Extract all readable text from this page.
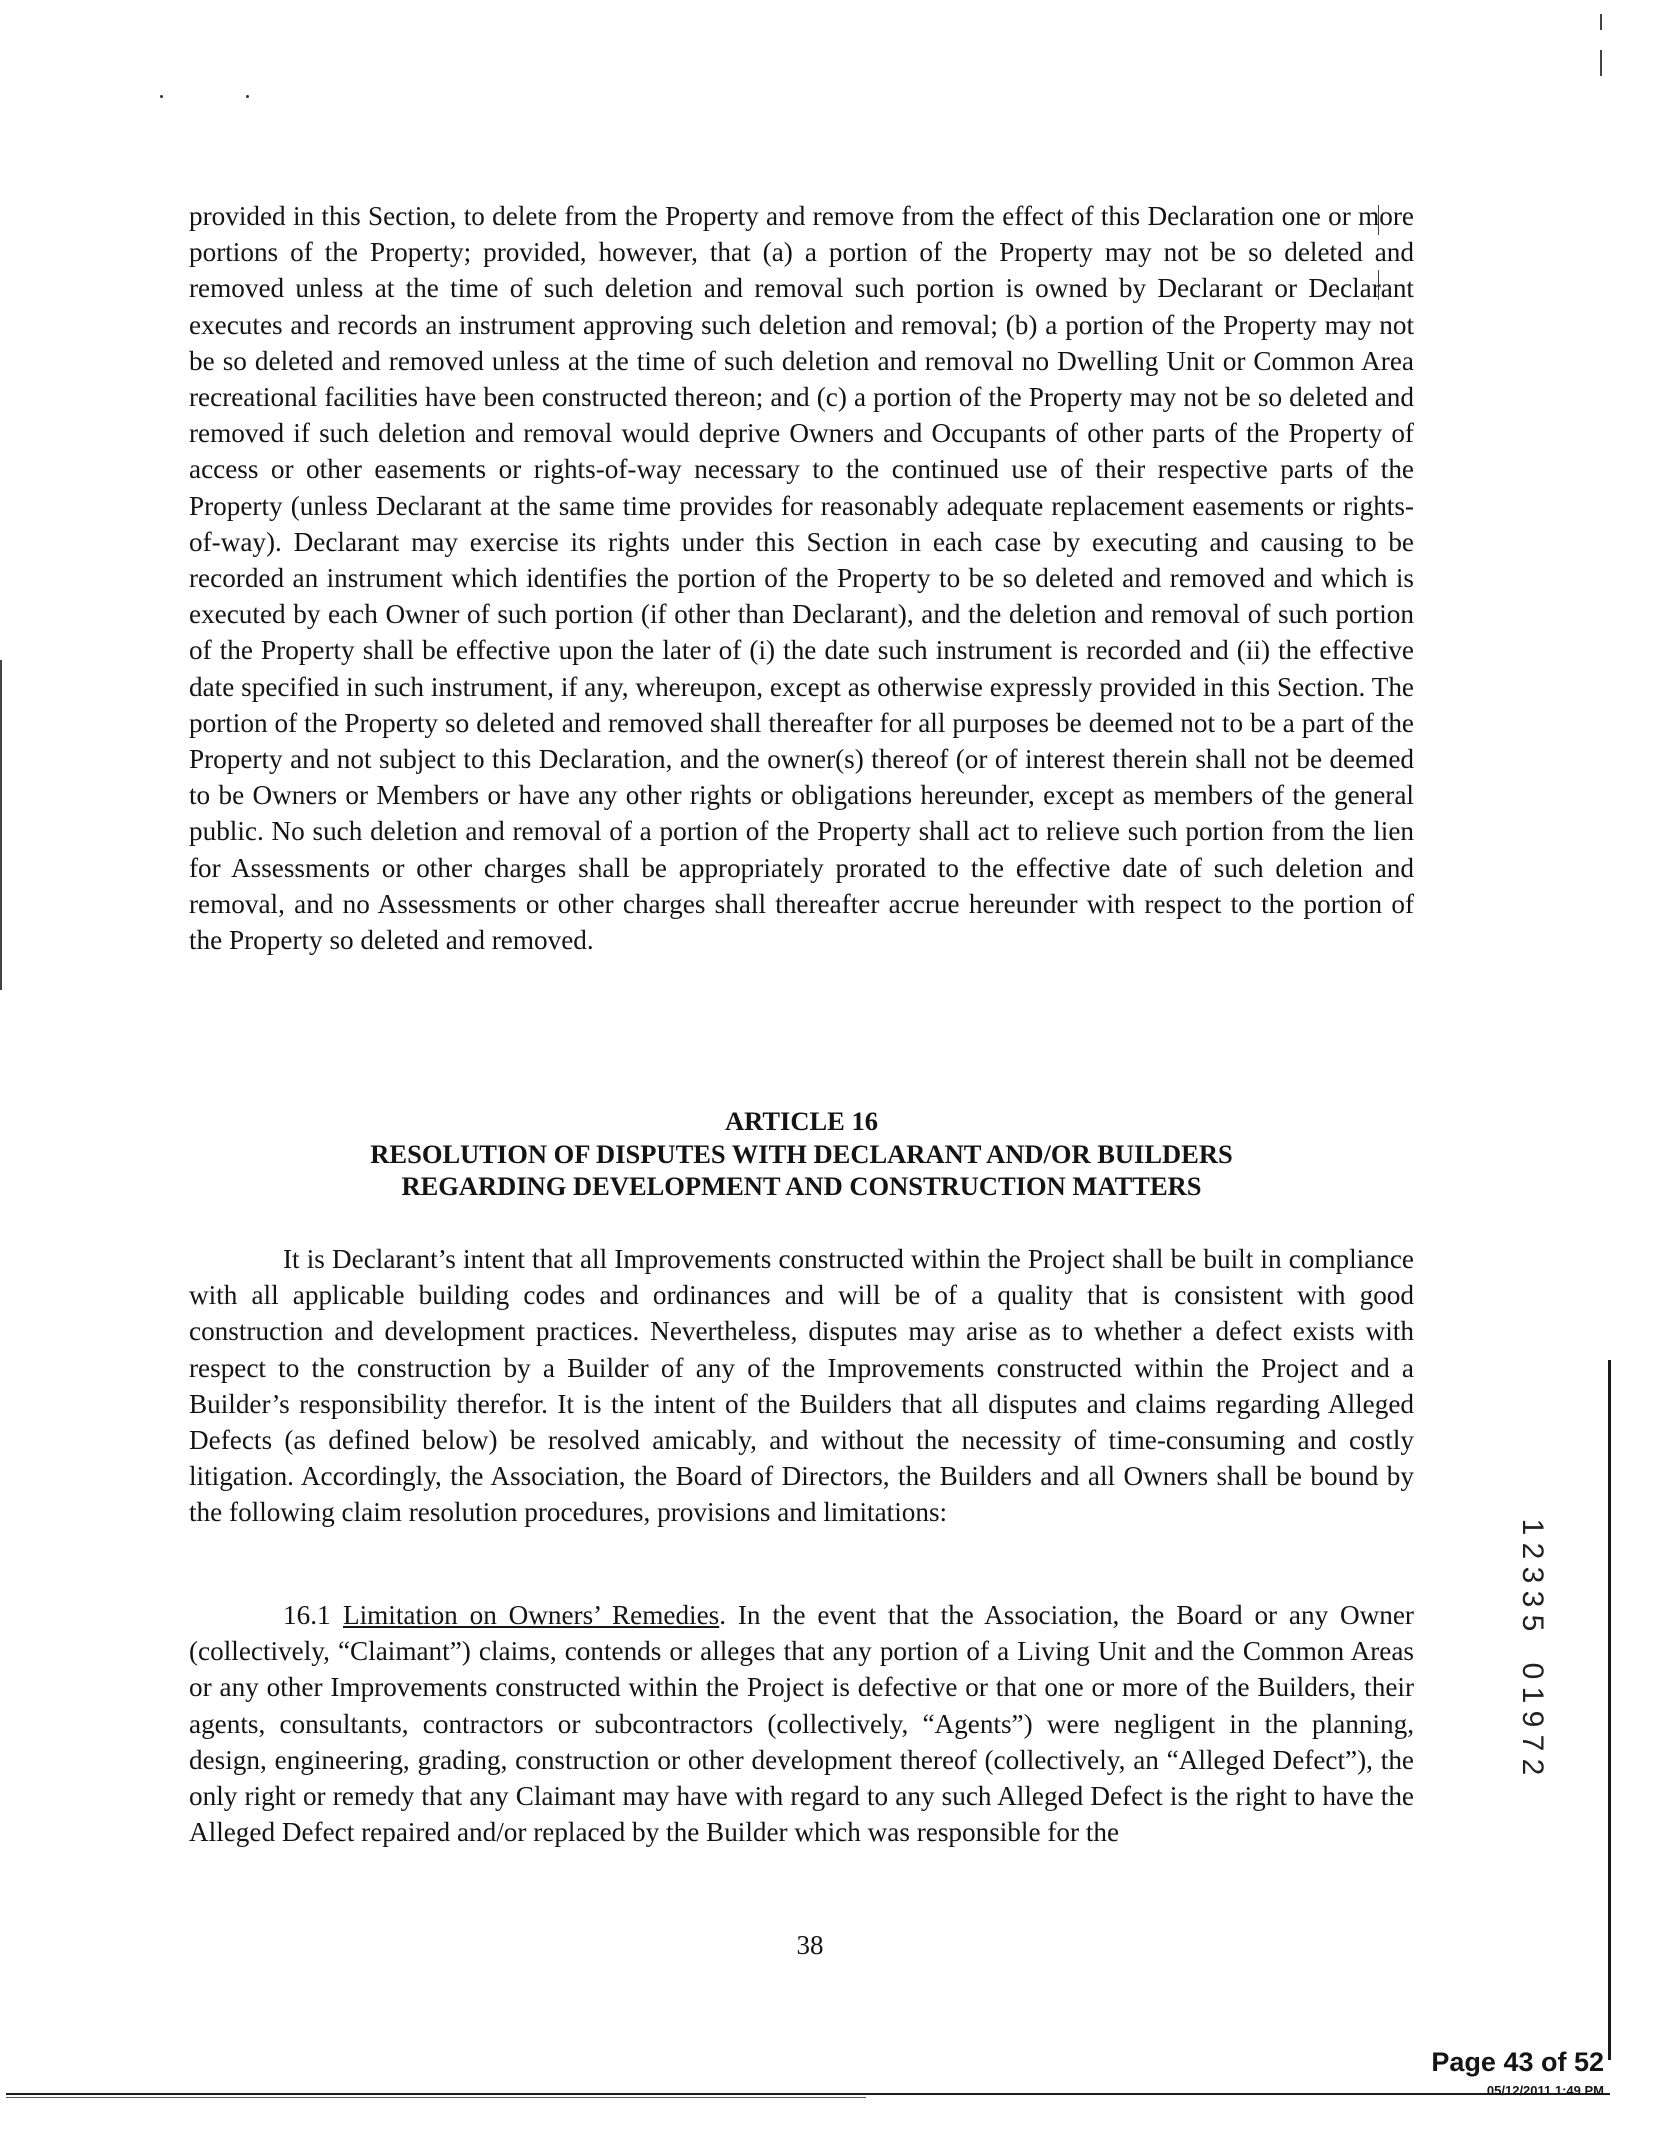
provided in this Section, to delete from the Property and remove from the effect of this Declaration one or more portions of the Property; provided, however, that (a) a portion of the Property may not be so deleted and removed unless at the time of such deletion and removal such portion is owned by Declarant or Declarant executes and records an instrument approving such deletion and removal; (b) a portion of the Property may not be so deleted and removed unless at the time of such deletion and removal no Dwelling Unit or Common Area recreational facilities have been constructed thereon; and (c) a portion of the Property may not be so deleted and removed if such deletion and removal would deprive Owners and Occupants of other parts of the Property of access or other easements or rights-of-way necessary to the continued use of their respective parts of the Property (unless Declarant at the same time provides for reasonably adequate replacement easements or rights-of-way). Declarant may exercise its rights under this Section in each case by executing and causing to be recorded an instrument which identifies the portion of the Property to be so deleted and removed and which is executed by each Owner of such portion (if other than Declarant), and the deletion and removal of such portion of the Property shall be effective upon the later of (i) the date such instrument is recorded and (ii) the effective date specified in such instrument, if any, whereupon, except as otherwise expressly provided in this Section. The portion of the Property so deleted and removed shall thereafter for all purposes be deemed not to be a part of the Property and not subject to this Declaration, and the owner(s) thereof (or of interest therein shall not be deemed to be Owners or Members or have any other rights or obligations hereunder, except as members of the general public. No such deletion and removal of a portion of the Property shall act to relieve such portion from the lien for Assessments or other charges shall be appropriately prorated to the effective date of such deletion and removal, and no Assessments or other charges shall thereafter accrue hereunder with respect to the portion of the Property so deleted and removed.

ARTICLE 16
RESOLUTION OF DISPUTES WITH DECLARANT AND/OR BUILDERS
REGARDING DEVELOPMENT AND CONSTRUCTION MATTERS

It is Declarant’s intent that all Improvements constructed within the Project shall be built in compliance with all applicable building codes and ordinances and will be of a quality that is consistent with good construction and development practices. Nevertheless, disputes may arise as to whether a defect exists with respect to the construction by a Builder of any of the Improvements constructed within the Project and a Builder’s responsibility therefor. It is the intent of the Builders that all disputes and claims regarding Alleged Defects (as defined below) be resolved amicably, and without the necessity of time-consuming and costly litigation. Accordingly, the Association, the Board of Directors, the Builders and all Owners shall be bound by the following claim resolution procedures, provisions and limitations:

16.1 Limitation on Owners’ Remedies. In the event that the Association, the Board or any Owner (collectively, “Claimant”) claims, contends or alleges that any portion of a Living Unit and the Common Areas or any other Improvements constructed within the Project is defective or that one or more of the Builders, their agents, consultants, contractors or subcontractors (collectively, “Agents”) were negligent in the planning, design, engineering, grading, construction or other development thereof (collectively, an “Alleged Defect”), the only right or remedy that any Claimant may have with regard to any such Alleged Defect is the right to have the Alleged Defect repaired and/or replaced by the Builder which was responsible for the

38
1
2
3
3
5

0
1
9
7
2
Page 43 of 52
05/12/2011 1:49 PM
